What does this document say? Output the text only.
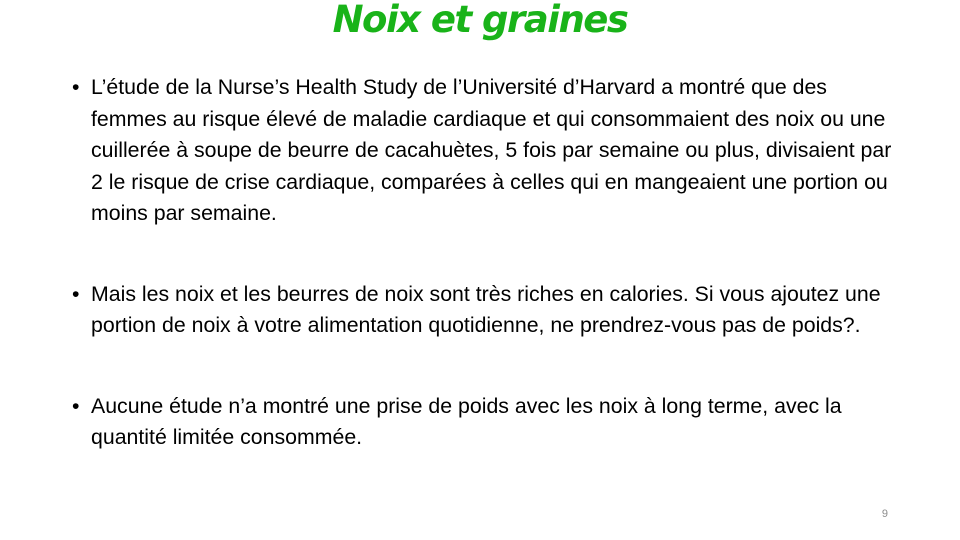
Noix et graines
• L’étude de la Nurse’s Health Study de l’Université d’Harvard a montré que des femmes au risque élevé de maladie cardiaque et qui consommaient des noix ou une cuillerée à soupe de beurre de cacahuètes, 5 fois par semaine ou plus, divisaient par 2 le risque de crise cardiaque, comparées à celles qui en mangeaient une portion ou moins par semaine.
• Mais les noix et les beurres de noix sont très riches en calories. Si vous ajoutez une portion de noix à votre alimentation quotidienne, ne prendrez-vous pas de poids?.
• Aucune étude n’a montré une prise de poids avec les noix à long terme, avec la quantité limitée consommée.
9
